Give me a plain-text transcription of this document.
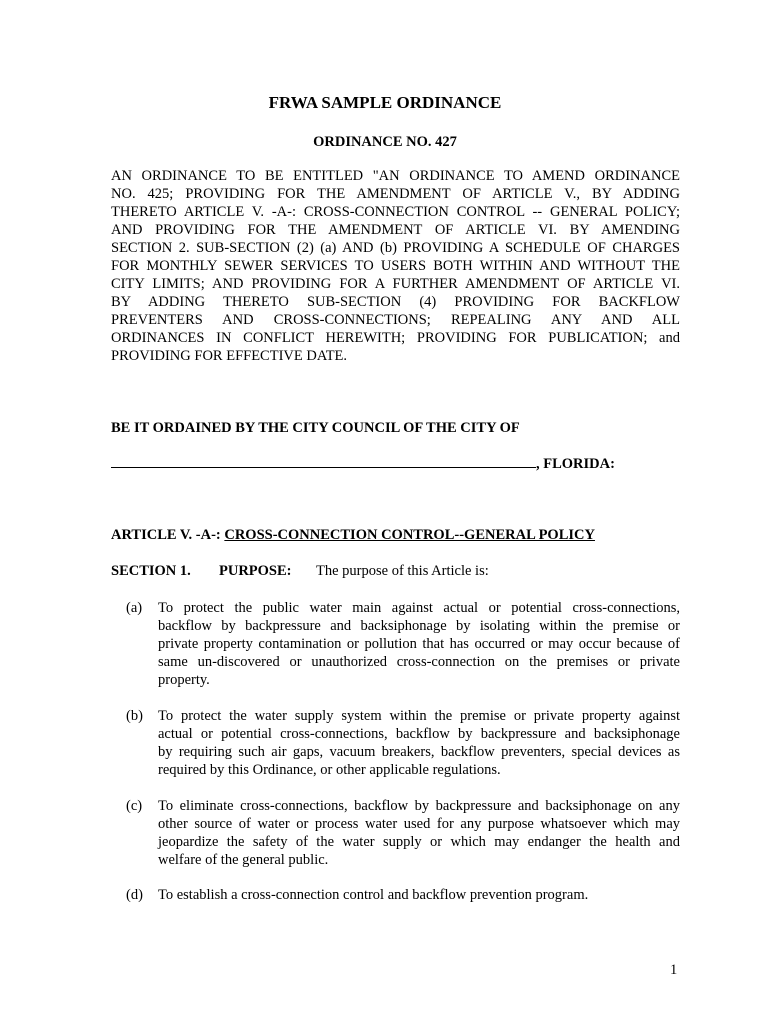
FRWA SAMPLE ORDINANCE
ORDINANCE NO. 427
AN ORDINANCE TO BE ENTITLED "AN ORDINANCE TO AMEND ORDINANCE
NO. 425; PROVIDING FOR THE AMENDMENT OF ARTICLE V., BY ADDING
THERETO ARTICLE V. -A-: CROSS-CONNECTION CONTROL -- GENERAL POLICY;
AND PROVIDING FOR THE AMENDMENT OF ARTICLE VI. BY AMENDING
SECTION 2. SUB-SECTION (2) (a) AND (b) PROVIDING A SCHEDULE OF CHARGES
FOR MONTHLY SEWER SERVICES TO USERS BOTH WITHIN AND WITHOUT THE
CITY LIMITS; AND PROVIDING FOR A FURTHER AMENDMENT OF ARTICLE VI.
BY ADDING THERETO SUB-SECTION (4) PROVIDING FOR BACKFLOW
PREVENTERS AND CROSS-CONNECTIONS; REPEALING ANY AND ALL
ORDINANCES IN CONFLICT HEREWITH; PROVIDING FOR PUBLICATION; and
PROVIDING FOR EFFECTIVE DATE.
BE IT ORDAINED BY THE CITY COUNCIL OF THE CITY OF
, FLORIDA:
ARTICLE V. -A-: CROSS-CONNECTION CONTROL--GENERAL POLICY
SECTION 1. PURPOSE: The purpose of this Article is:
(a) To protect the public water main against actual or potential cross-connections,
backflow by backpressure and backsiphonage by isolating within the premise or
private property contamination or pollution that has occurred or may occur because of
same un-discovered or unauthorized cross-connection on the premises or private
property.
(b) To protect the water supply system within the premise or private property against
actual or potential cross-connections, backflow by backpressure and backsiphonage
by requiring such air gaps, vacuum breakers, backflow preventers, special devices as
required by this Ordinance, or other applicable regulations.
(c) To eliminate cross-connections, backflow by backpressure and backsiphonage on any
other source of water or process water used for any purpose whatsoever which may
jeopardize the safety of the water supply or which may endanger the health and
welfare of the general public.
(d) To establish a cross-connection control and backflow prevention program.
1
